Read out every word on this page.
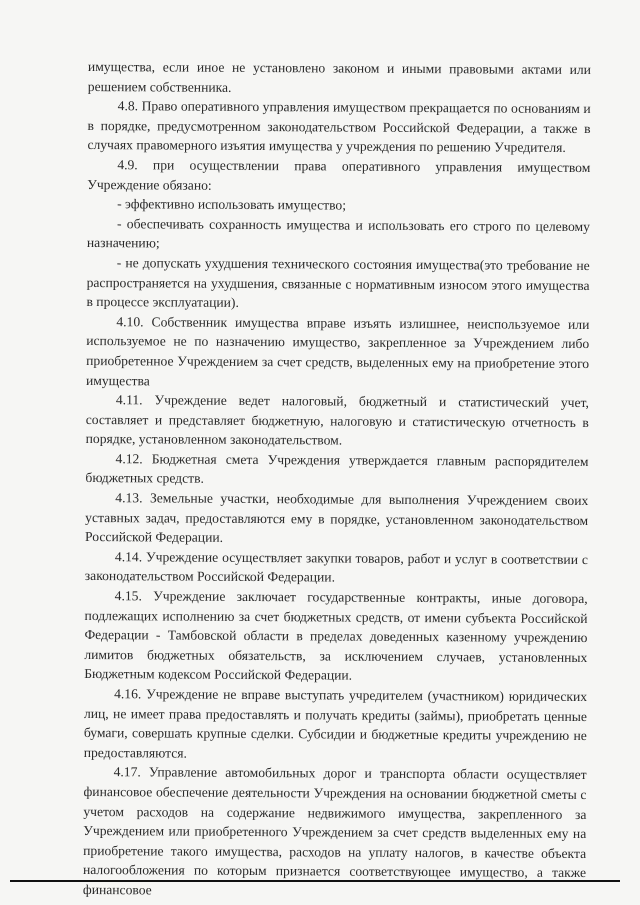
имущества, если иное не установлено законом и иными правовыми актами или решением собственника.

4.8. Право оперативного управления имуществом прекращается по основаниям и в порядке, предусмотренном законодательством Российской Федерации, а также в случаях правомерного изъятия имущества у учреждения по решению Учредителя.

4.9. при осуществлении права оперативного управления имуществом Учреждение обязано:

- эффективно использовать имущество;

- обеспечивать сохранность имущества и использовать его строго по целевому назначению;

- не допускать ухудшения технического состояния имущества(это требование не распространяется на ухудшения, связанные с нормативным износом этого имущества в процессе эксплуатации).

4.10. Собственник имущества вправе изъять излишнее, неиспользуемое или используемое не по назначению имущество, закрепленное за Учреждением либо приобретенное Учреждением за счет средств, выделенных ему на приобретение этого имущества

4.11. Учреждение ведет налоговый, бюджетный и статистический учет, составляет и представляет бюджетную, налоговую и статистическую отчетность в порядке, установленном законодательством.

4.12. Бюджетная смета Учреждения утверждается главным распорядителем бюджетных средств.

4.13. Земельные участки, необходимые для выполнения Учреждением своих уставных задач, предоставляются ему в порядке, установленном законодательством Российской Федерации.

4.14. Учреждение осуществляет закупки товаров, работ и услуг в соответствии с законодательством Российской Федерации.

4.15. Учреждение заключает государственные контракты, иные договора, подлежащих исполнению за счет бюджетных средств, от имени субъекта Российской Федерации - Тамбовской области в пределах доведенных казенному учреждению лимитов бюджетных обязательств, за исключением случаев, установленных Бюджетным кодексом Российской Федерации.

4.16. Учреждение не вправе выступать учредителем (участником) юридических лиц, не имеет права предоставлять и получать кредиты (займы), приобретать ценные бумаги, совершать крупные сделки. Субсидии и бюджетные кредиты учреждению не предоставляются.

4.17. Управление автомобильных дорог и транспорта области осуществляет финансовое обеспечение деятельности Учреждения на основании бюджетной сметы с учетом расходов на содержание недвижимого имущества, закрепленного за Учреждением или приобретенного Учреждением за счет средств выделенных ему на приобретение такого имущества, расходов на уплату налогов, в качестве объекта налогообложения по которым признается соответствующее имущество, а также финансовое
